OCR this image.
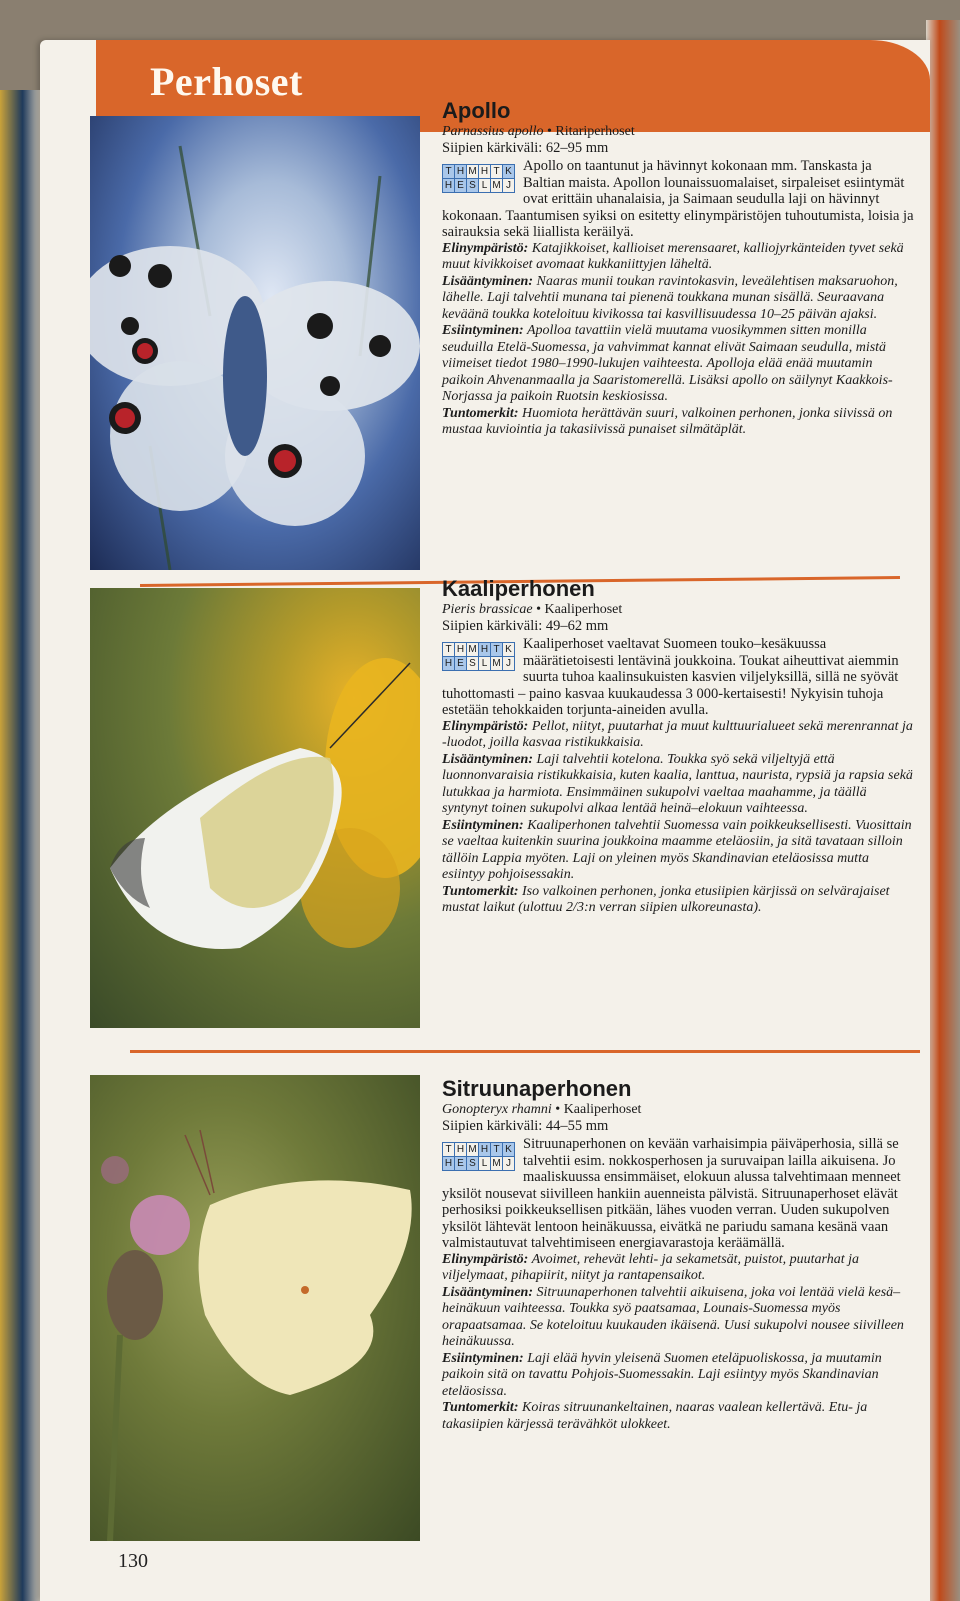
Perhoset
Apollo
Parnassius apollo • Ritariperhoset
Siipien kärkiväli: 62–95 mm
T	H	M	H	T	K
H	E	S	L	M	J
Apollo on taantunut ja hävinnyt kokonaan mm. Tanskasta ja Baltian maista. Apollon lounaissuomalaiset, sirpaleiset esiintymät ovat erittäin uhanalaisia, ja Saimaan seudulla laji on hävinnyt kokonaan. Taantumisen syiksi on esitetty elinympäristöjen tuhoutumista, loisia ja sairauksia sekä liiallista keräilyä.

Elinympäristö: Katajikkoiset, kallioiset merensaaret, kalliojyrkänteiden tyvet sekä muut kivikkoiset avomaat kukkaniittyjen läheltä.

Lisääntyminen: Naaras munii toukan ravintokasvin, leveälehtisen maksaruohon, lähelle. Laji talvehtii munana tai pienenä toukkana munan sisällä. Seuraavana keväänä toukka koteloituu kivikossa tai kasvillisuudessa 10–25 päivän ajaksi.

Esiintyminen: Apolloa tavattiin vielä muutama vuosikymmen sitten monilla seuduilla Etelä-Suomessa, ja vahvimmat kannat elivät Saimaan seudulla, mistä viimeiset tiedot 1980–1990-lukujen vaihteesta. Apolloja elää enää muutamin paikoin Ahvenanmaalla ja Saaristomerellä. Lisäksi apollo on säilynyt Kaakkois-Norjassa ja paikoin Ruotsin keskiosissa.

Tuntomerkit: Huomiota herättävän suuri, valkoinen perhonen, jonka siivissä on mustaa kuviointia ja takasiivissä punaiset silmätäplät.

Kaaliperhonen
Pieris brassicae • Kaaliperhoset
Siipien kärkiväli: 49–62 mm
T	H	M	H	T	K
H	E	S	L	M	J
Kaaliperhoset vaeltavat Suomeen touko–kesäkuussa määrätietoisesti lentävinä joukkoina. Toukat aiheuttivat aiemmin suurta tuhoa kaalinsukuisten kasvien viljelyksillä, sillä ne syövät tuhottomasti – paino kasvaa kuukaudessa 3 000-kertaisesti! Nykyisin tuhoja estetään tehokkaiden torjunta-aineiden avulla.

Elinympäristö: Pellot, niityt, puutarhat ja muut kulttuurialueet sekä merenrannat ja -luodot, joilla kasvaa ristikukkaisia.

Lisääntyminen: Laji talvehtii kotelona. Toukka syö sekä viljeltyjä että luonnonvaraisia ristikukkaisia, kuten kaalia, lanttua, nauristа, rypsiä ja rapsia sekä lutukkaa ja harmiota. Ensimmäinen sukupolvi vaeltaa maahamme, ja täällä syntynyt toinen sukupolvi alkaa lentää heinä–elokuun vaihteessa.

Esiintyminen: Kaaliperhonen talvehtii Suomessa vain poikkeuksellisesti. Vuosittain se vaeltaa kuitenkin suurina joukkoina maamme eteläosiin, ja sitä tavataan silloin tällöin Lappia myöten. Laji on yleinen myös Skandinavian eteläosissa mutta esiintyy pohjoisessakin.

Tuntomerkit: Iso valkoinen perhonen, jonka etusiipien kärjissä on selvärajaiset mustat laikut (ulottuu 2/3:n verran siipien ulkoreunasta).

Sitruunaperhonen
Gonopteryx rhamni • Kaaliperhoset
Siipien kärkiväli: 44–55 mm
T	H	M	H	T	K
H	E	S	L	M	J
Sitruunaperhonen on kevään varhaisimpia päiväperhosia, sillä se talvehtii esim. nokkosperhosen ja suruvaipan lailla aikuisena. Jo maaliskuussa ensimmäiset, elokuun alussa talvehtimaan menneet yksilöt nousevat siivilleen hankiin auenneista pälvistä. Sitruunaperhoset elävät perhosiksi poikkeuksellisen pitkään, lähes vuoden verran. Uuden sukupolven yksilöt lähtevät lentoon heinäkuussa, eivätkä ne pariudu samana kesänä vaan valmistautuvat talvehtimiseen energiavarastoja keräämällä.

Elinympäristö: Avoimet, rehevät lehti- ja sekametsät, puistot, puutarhat ja viljelymaat, pihapiirit, niityt ja rantapensaikot.

Lisääntyminen: Sitruunaperhonen talvehtii aikuisena, joka voi lentää vielä kesä–heinäkuun vaihteessa. Toukka syö paatsamaa, Lounais-Suomessa myös orapaatsamaa. Se koteloituu kuukauden ikäisenä. Uusi sukupolvi nousee siivilleen heinäkuussa.

Esiintyminen: Laji elää hyvin yleisenä Suomen eteläpuoliskossa, ja muutamin paikoin sitä on tavattu Pohjois-Suomessakin. Laji esiintyy myös Skandinavian eteläosissa.

Tuntomerkit: Koiras sitruunankeltainen, naaras vaalean kellertävä. Etu- ja takasiipien kärjessä terävähköt ulokkeet.

130
